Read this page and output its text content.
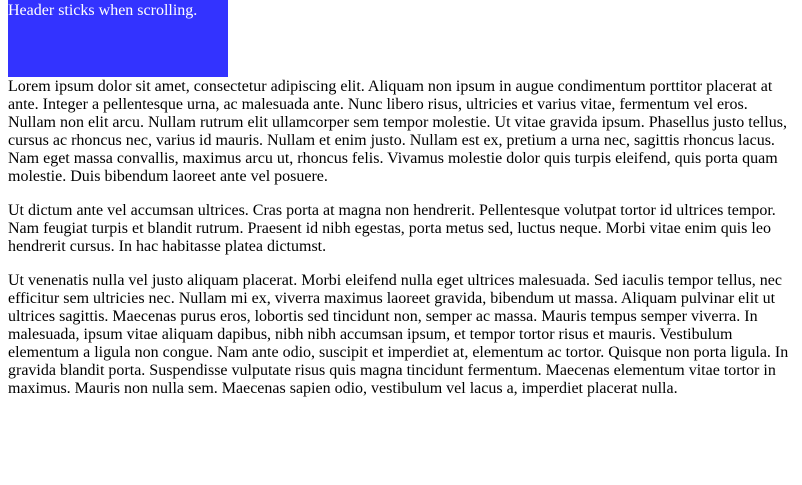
Header sticks when scrolling.

Lorem ipsum dolor sit amet, consectetur adipiscing elit. Aliquam non ipsum in augue condimentum porttitor placerat at ante. Integer a pellentesque urna, ac malesuada ante. Nunc libero risus, ultricies et varius vitae, fermentum vel eros. Nullam non elit arcu. Nullam rutrum elit ullamcorper sem tempor molestie. Ut vitae gravida ipsum. Phasellus justo tellus, cursus ac rhoncus nec, varius id mauris. Nullam et enim justo. Nullam est ex, pretium a urna nec, sagittis rhoncus lacus. Nam eget massa convallis, maximus arcu ut, rhoncus felis. Vivamus molestie dolor quis turpis eleifend, quis porta quam molestie. Duis bibendum laoreet ante vel posuere.

Ut dictum ante vel accumsan ultrices. Cras porta at magna non hendrerit. Pellentesque volutpat tortor id ultrices tempor. Nam feugiat turpis et blandit rutrum. Praesent id nibh egestas, porta metus sed, luctus neque. Morbi vitae enim quis leo hendrerit cursus. In hac habitasse platea dictumst.

Ut venenatis nulla vel justo aliquam placerat. Morbi eleifend nulla eget ultrices malesuada. Sed iaculis tempor tellus, nec efficitur sem ultricies nec. Nullam mi ex, viverra maximus laoreet gravida, bibendum ut massa. Aliquam pulvinar elit ut ultrices sagittis. Maecenas purus eros, lobortis sed tincidunt non, semper ac massa. Mauris tempus semper viverra. In malesuada, ipsum vitae aliquam dapibus, nibh nibh accumsan ipsum, et tempor tortor risus et mauris. Vestibulum elementum a ligula non congue. Nam ante odio, suscipit et imperdiet at, elementum ac tortor. Quisque non porta ligula. In gravida blandit porta. Suspendisse vulputate risus quis magna tincidunt fermentum. Maecenas elementum vitae tortor in maximus. Mauris non nulla sem. Maecenas sapien odio, vestibulum vel lacus a, imperdiet placerat nulla.
